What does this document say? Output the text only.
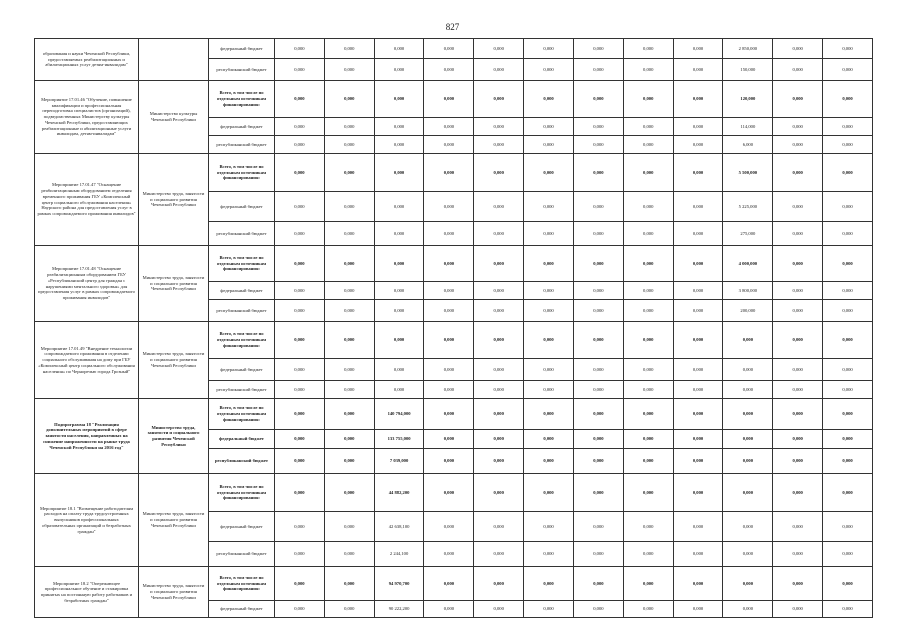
827
образования и науки Чеченской Республики, предоставляемых реабилитационных и абилитационных услуг детям-инвалидам"		федеральный бюджет	0,000	0,000	0,000	0,000	0,000	0,000	0,000	0,000	0,000	2 850,000	0,000	0,000
		республиканский бюджет	0,000	0,000	0,000	0,000	0,000	0,000	0,000	0,000	0,000	150,000	0,000	0,000
Мероприятие 17.01.46 "Обучение, повышение квалификации и профессиональная переподготовка специалистов (организаций), подведомственных Министерству культуры Чеченской Республики, предоставляющих реабилитационные и абилитационные услуги инвалидам, детям-инвалидам"	Министерство культуры Чеченской Республики	Всего, в том числе по отдельным источникам финансирования:	0,000	0,000	0,000	0,000	0,000	0,000	0,000	0,000	0,000	120,000	0,000	0,000
		федеральный бюджет	0,000	0,000	0,000	0,000	0,000	0,000	0,000	0,000	0,000	114,000	0,000	0,000
		республиканский бюджет	0,000	0,000	0,000	0,000	0,000	0,000	0,000	0,000	0,000	6,000	0,000	0,000
Мероприятие 17.01.47 "Оснащение реабилитационным оборудованием отделения временного проживания ГБУ «Комплексный центр социального обслуживания населения» Наурского района для предоставления услуг в рамках сопровождаемого проживания инвалидов"	Министерство труда, занятости и социального развития Чеченской Республики	Всего, в том числе по отдельным источникам финансирования:	0,000	0,000	0,000	0,000	0,000	0,000	0,000	0,000	0,000	5 500,000	0,000	0,000
		федеральный бюджет	0,000	0,000	0,000	0,000	0,000	0,000	0,000	0,000	0,000	5 225,000	0,000	0,000
		республиканский бюджет	0,000	0,000	0,000	0,000	0,000	0,000	0,000	0,000	0,000	275,000	0,000	0,000
Мероприятие 17.01.48 "Оснащение реабилитационным оборудованием ГБУ «Республиканский центр для граждан с нарушениями ментального здоровья» для предоставления услуг в рамках сопровождаемого проживания инвалидов"	Министерство труда, занятости и социального развития Чеченской Республики	Всего, в том числе по отдельным источникам финансирования:	0,000	0,000	0,000	0,000	0,000	0,000	0,000	0,000	0,000	4 000,000	0,000	0,000
		федеральный бюджет	0,000	0,000	0,000	0,000	0,000	0,000	0,000	0,000	0,000	3 800,000	0,000	0,000
		республиканский бюджет	0,000	0,000	0,000	0,000	0,000	0,000	0,000	0,000	0,000	200,000	0,000	0,000
Мероприятие 17.01.49 "Внедрение технологии сопровождаемого проживания в отделении социального обслуживания на дому при ГБУ «Комплексный центр социального обслуживания населения» по Черноречью города Грозный"	Министерство труда, занятости и социального развития Чеченской Республики	Всего, в том числе по отдельным источникам финансирования:	0,000	0,000	0,000	0,000	0,000	0,000	0,000	0,000	0,000	0,000	0,000	0,000
		федеральный бюджет	0,000	0,000	0,000	0,000	0,000	0,000	0,000	0,000	0,000	0,000	0,000	0,000
		республиканский бюджет	0,000	0,000	0,000	0,000	0,000	0,000	0,000	0,000	0,000	0,000	0,000	0,000
Подпрограмма 18 "Реализация дополнительных мероприятий в сфере занятости населения, направленных на снижение напряженности на рынке труда Чеченской Республики на 2016 год"	Министерство труда, занятости и социального развития Чеченской Республики	Всего, в том числе по отдельным источникам финансирования:	0,000	0,000	140 794,000	0,000	0,000	0,000	0,000	0,000	0,000	0,000	0,000	0,000
		федеральный бюджет	0,000	0,000	133 755,000	0,000	0,000	0,000	0,000	0,000	0,000	0,000	0,000	0,000
		республиканский бюджет	0,000	0,000	7 039,000	0,000	0,000	0,000	0,000	0,000	0,000	0,000	0,000	0,000
Мероприятие 18.1 "Возмещение работодателям расходов на оплату труда трудоустроенных выпускников профессиональных образовательных организаций и безработных граждан"	Министерство труда, занятости и социального развития Чеченской Республики	Всего, в том числе по отдельным источникам финансирования:	0,000	0,000	44 882,200	0,000	0,000	0,000	0,000	0,000	0,000	0,000	0,000	0,000
		федеральный бюджет	0,000	0,000	42 638,100	0,000	0,000	0,000	0,000	0,000	0,000	0,000	0,000	0,000
		республиканский бюджет	0,000	0,000	2 244,100	0,000	0,000	0,000	0,000	0,000	0,000	0,000	0,000	0,000
Мероприятие 18.2 "Опережающее профессиональное обучение и стажировка принятых на постоянную работу работников и безработных граждан"	Министерство труда, занятости и социального развития Чеченской Республики	Всего, в том числе по отдельным источникам финансирования:	0,000	0,000	94 970,700	0,000	0,000	0,000	0,000	0,000	0,000	0,000	0,000	0,000
		федеральный бюджет	0,000	0,000	90 222,200	0,000	0,000	0,000	0,000	0,000	0,000	0,000	0,000	0,000
